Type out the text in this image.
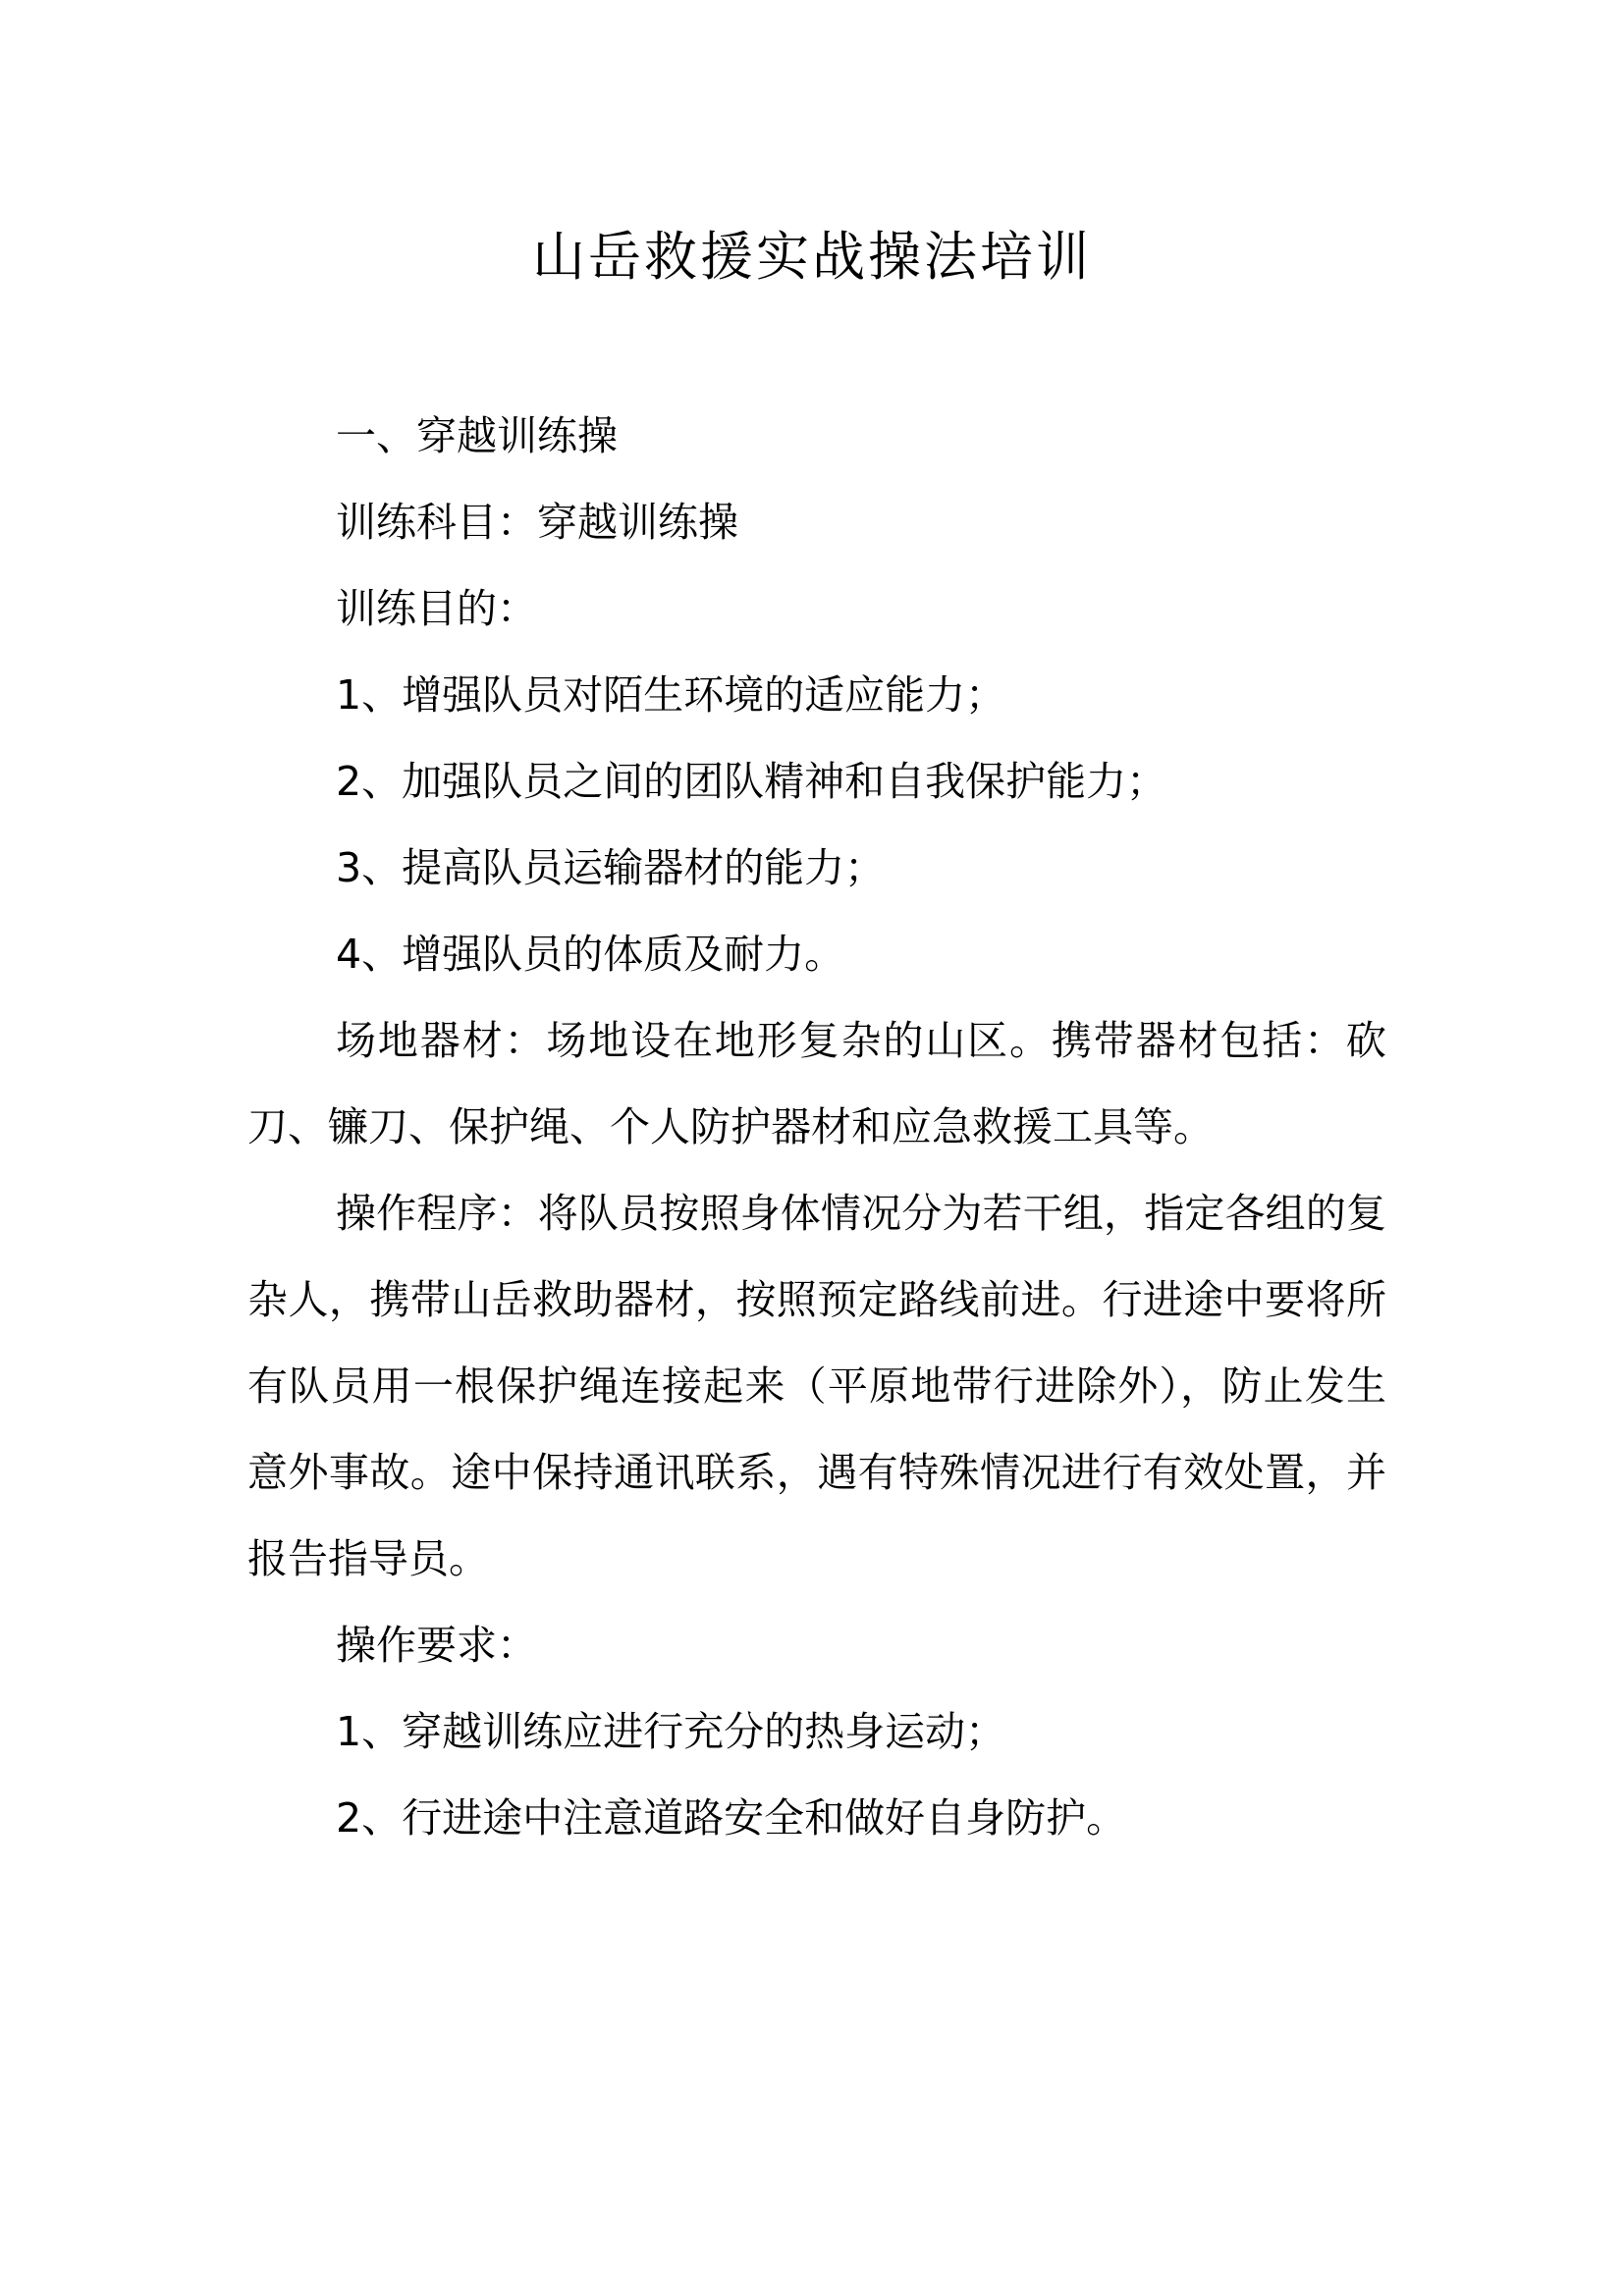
山岳救援实战操法培训

一、穿越训练操

训练科目：穿越训练操

训练目的：

1、增强队员对陌生环境的适应能力；

2、加强队员之间的团队精神和自我保护能力；

3、提高队员运输器材的能力；

4、增强队员的体质及耐力。

场地器材：场地设在地形复杂的山区。携带器材包括：砍刀、镰刀、保护绳、个人防护器材和应急救援工具等。

操作程序：将队员按照身体情况分为若干组，指定各组的复杂人，携带山岳救助器材，按照预定路线前进。行进途中要将所有队员用一根保护绳连接起来（平原地带行进除外），防止发生意外事故。途中保持通讯联系，遇有特殊情况进行有效处置，并报告指导员。

操作要求：

1、穿越训练应进行充分的热身运动；

2、行进途中注意道路安全和做好自身防护。
